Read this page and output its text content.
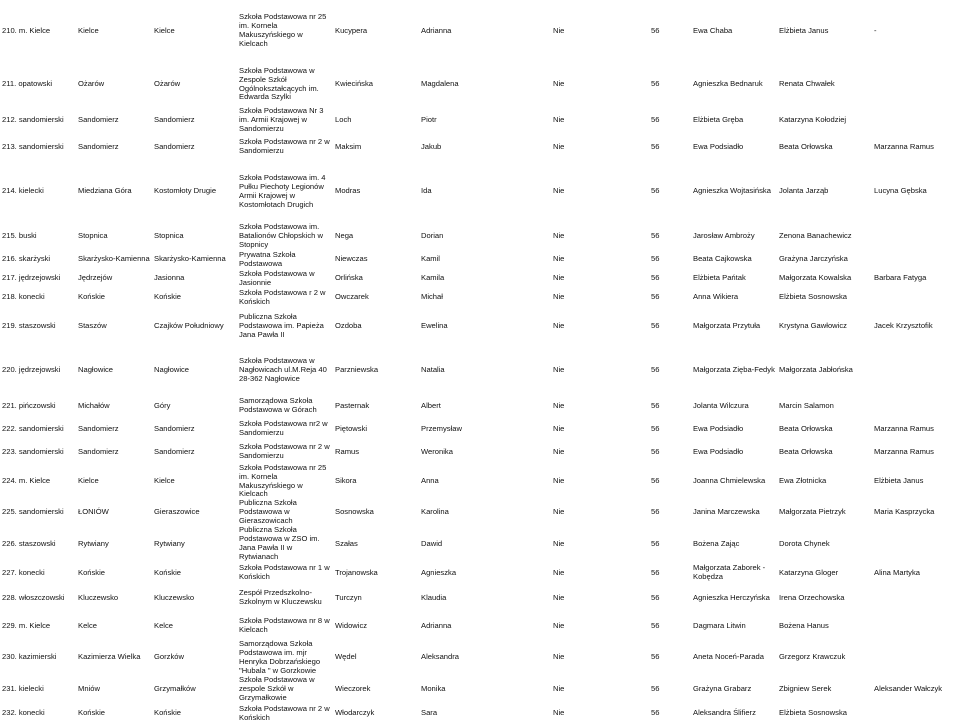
210. m. Kielce	Kielce	Kielce	Szkoła Podstawowa nr 25 im. Kornela Makuszyńskiego w Kielcach	Kucypera	Adrianna	Nie	56	Ewa Chaba	Elżbieta Janus	-
211. opatowski	Ożarów	Ożarów	Szkoła Podstawowa w Zespole Szkół Ogólnokształcących im. Edwarda Szylki	Kwiecińska	Magdalena	Nie	56	Agnieszka Bednaruk	Renata Chwałek	
212. sandomierski	Sandomierz	Sandomierz	Szkoła Podstawowa Nr 3 im. Armii Krajowej w Sandomierzu	Loch	Piotr	Nie	56	Elżbieta Gręba	Katarzyna Kołodziej	
213. sandomierski	Sandomierz	Sandomierz	Szkoła Podstawowa nr 2 w Sandomierzu	Maksim	Jakub	Nie	56	Ewa Podsiadło	Beata Orłowska	Marzanna Ramus
214. kielecki	Miedziana Góra	Kostomłoty Drugie	Szkoła Podstawowa im. 4 Pułku Piechoty Legionów Armii Krajowej w Kostomłotach Drugich	Modras	Ida	Nie	56	Agnieszka Wojtasińska	Jolanta Jarząb	Lucyna Gębska
215. buski	Stopnica	Stopnica	Szkoła Podstawowa im. Batalionów Chłopskich w Stopnicy	Nega	Dorian	Nie	56	Jarosław Ambroży	Zenona Banachewicz	
216. skarżyski	Skarżysko-Kamienna	Skarżysko-Kamienna	Prywatna Szkoła Podstawowa	Niewczas	Kamil	Nie	56	Beata Cajkowska	Grażyna Jarczyńska	
217. jędrzejowski	Jędrzejów	Jasionna	Szkoła Podstawowa w Jasionnie	Orlińska	Kamila	Nie	56	Elżbieta Pańtak	Małgorzata Kowalska	Barbara Fatyga
218. konecki	Końskie	Końskie	Szkoła Podstawowa r 2 w Końskich	Owczarek	Michał	Nie	56	Anna Wikiera	Elżbieta Sosnowska	
219. staszowski	Staszów	Czajków Południowy	Publiczna Szkoła Podstawowa im. Papieża Jana Pawła II	Ozdoba	Ewelina	Nie	56	Małgorzata Przytuła	Krystyna Gawłowicz	Jacek Krzysztofik
220. jędrzejowski	Nagłowice	Nagłowice	Szkoła Podstawowa w Nagłowicach ul.M.Reja 40 28-362 Nagłowice	Parzniewska	Natalia	Nie	56	Małgorzata Zięba-Fedyk	Małgorzata Jabłońska	
221. pińczowski	Michałów	Góry	Samorządowa Szkoła Podstawowa w Górach	Pasternak	Albert	Nie	56	Jolanta Wilczura	Marcin Salamon	
222. sandomierski	Sandomierz	Sandomierz	Szkoła Podstawowa nr2 w Sandomierzu	Piętowski	Przemysław	Nie	56	Ewa Podsiadło	Beata Orłowska	Marzanna Ramus
223. sandomierski	Sandomierz	Sandomierz	Szkoła Podstawowa nr 2 w Sandomierzu	Ramus	Weronika	Nie	56	Ewa Podsiadło	Beata Orłowska	Marzanna Ramus
224. m. Kielce	Kielce	Kielce	Szkoła Podstawowa nr 25 im. Kornela Makuszyńskiego w Kielcach	Sikora	Anna	Nie	56	Joanna Chmielewska	Ewa Złotnicka	Elżbieta Janus
225. sandomierski	ŁONIÓW	Gieraszowice	Publiczna Szkoła Podstawowa w Gieraszowicach	Sosnowska	Karolina	Nie	56	Janina Marczewska	Małgorzata Pietrzyk	Maria Kasprzycka
226. staszowski	Rytwiany	Rytwiany	Publiczna Szkoła Podstawowa w ZSO im. Jana Pawła II w Rytwianach	Szałas	Dawid	Nie	56	Bożena Zając	Dorota Chynek	
227. konecki	Końskie	Końskie	Szkoła Podstawowa nr 1 w Końskich	Trojanowska	Agnieszka	Nie	56	Małgorzata Zaborek - Kobędza	Katarzyna Gloger	Alina Martyka
228. włoszczowski	Kluczewsko	Kluczewsko	Zespół Przedszkolno-Szkolnym w Kluczewsku	Turczyn	Klaudia	Nie	56	Agnieszka Herczyńska	Irena Orzechowska	
229. m. Kielce	Kelce	Kelce	Szkoła Podstawowa nr 8 w Kielcach	Widowicz	Adrianna	Nie	56	Dagmara Litwin	Bożena Hanus	
230. kazimierski	Kazimierza Wielka	Gorzków	Samorządowa Szkoła Podstawowa im. mjr Henryka Dobrzańskiego "Hubala " w Gorzkowie	Wędel	Aleksandra	Nie	56	Aneta Noceń-Parada	Grzegorz Krawczuk	
231. kielecki	Mniów	Grzymałków	Szkoła Podstawowa w zespole Szkół w Grzymałkowie	Wieczorek	Monika	Nie	56	Grażyna Grabarz	Zbigniew Serek	Aleksander Wałczyk
232. konecki	Końskie	Końskie	Szkoła Podstawowa nr 2 w Końskich	Włodarczyk	Sara	Nie	56	Aleksandra Ślifierz	Elżbieta Sosnowska	
